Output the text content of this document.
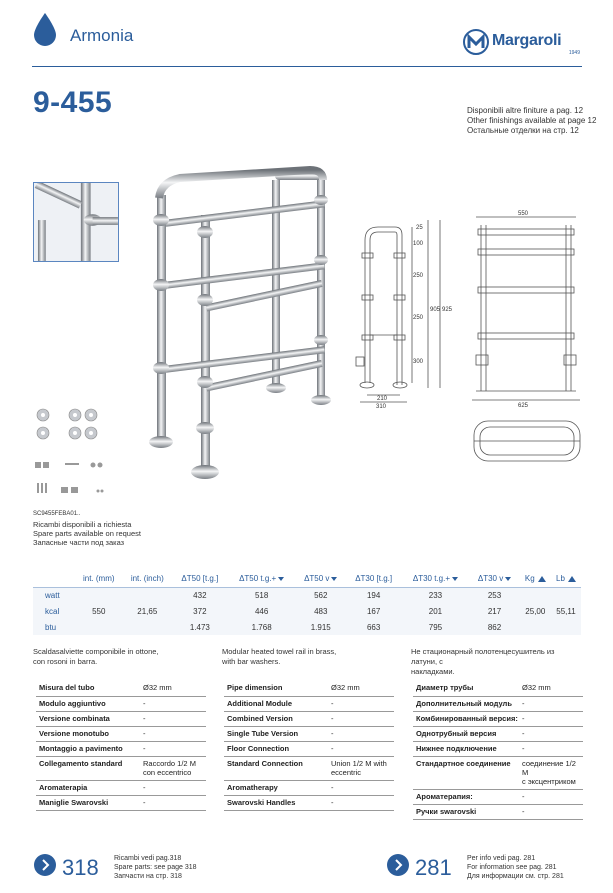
Armonia	Margaroli
1949
9-455	Disponibili altre finiture a pag. 12
Other finishings available at page 12
Остальные отделки на стр. 12
25
100
250
250
300
905 925
210
310
550
625
SC9455FEBA01..
Ricambi disponibili a richiesta
Spare parts available on request
Запасные части под заказ
	int. (mm)	int. (inch)	ΔT50 [t.g.]	ΔT50 t.g.+	ΔT50 v	ΔT30 [t.g.]	ΔT30 t.g.+	ΔT30 v	Kg	Lb
watt			432	518	562	194	233	253		
kcal	550	21,65	372	446	483	167	201	217	25,00	55,11
btu			1.473	1.768	1.915	663	795	862		
Scaldasalviette componibile in ottone,
con rosoni in barra.
Modular heated towel rail in brass,
with bar washers.
Не стационарный полотенцесушитель из латуни, с
накладками.
Misura del tubo	Ø32 mm
Modulo aggiuntivo	-
Versione combinata	-
Versione monotubo	-
Montaggio a pavimento	-
Collegamento standard	Raccordo 1/2 M
con eccentrico

Aromaterapia	-
Maniglie Swarovski	-
Pipe dimension	Ø32 mm
Additional Module	-
Combined Version	-
Single Tube Version	-
Floor Connection	-
Standard Connection	Union 1/2 M with
eccentric

Aromatherapy	-
Swarovski Handles	-
Диаметр трубы	Ø32 mm
Дополнительный модуль	-
Комбинированный версия:	-
Однотрубный версия	-
Нижнее подключение	-
Стандартное соединение	соединение 1/2 M
с эксцентриком

Ароматерапия:	-
Ручки swarovski	-
318 Ricambi vedi pag.318
Spare parts: see page 318
Запчасти на стр. 318	281 Per info vedi pag. 281
For information see pag. 281
Для информации см. стр. 281
